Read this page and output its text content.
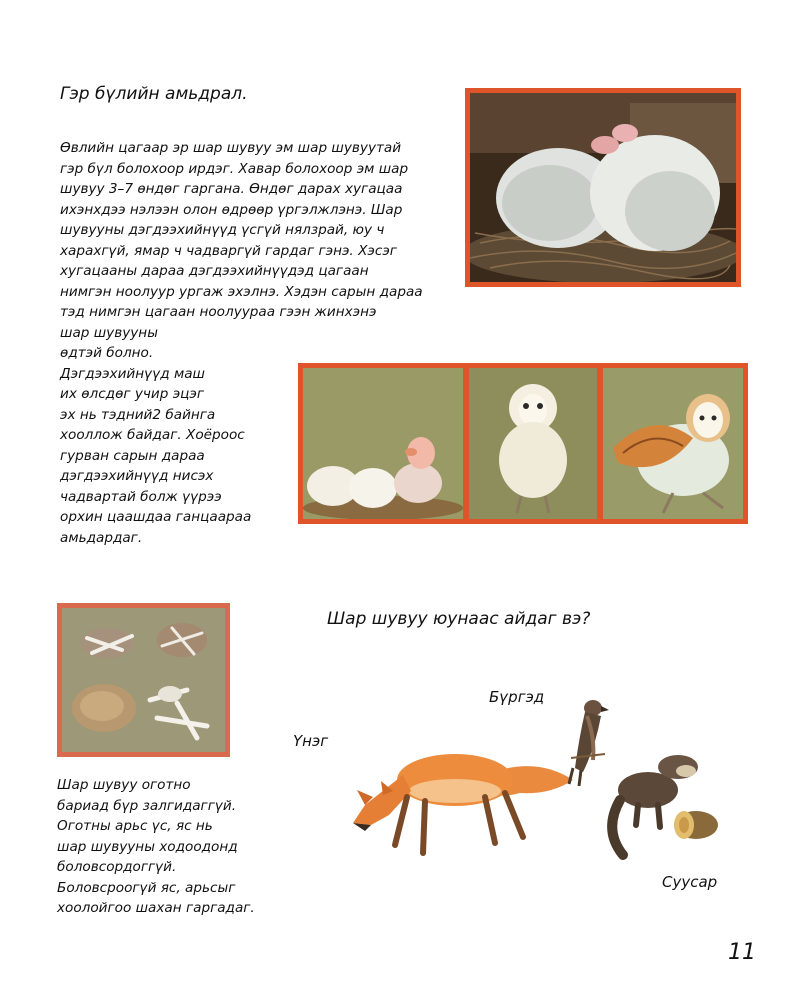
Гэр бүлийн амьдрал.
Өвлийн цагаар эр шар шувуу эм шар шувуутай
гэр бүл болохоор ирдэг. Хавар болохоор эм шар
шувуу 3–7 өндөг гаргана. Өндөг дарах хугацаа
ихэнхдээ нэлээн олон өдрөөр үргэлжлэнэ. Шар
шувууны дэгдээхийнүүд үсгүй нялзрай, юу ч
харахгүй, ямар ч чадваргүй гардаг гэнэ. Хэсэг
хугацааны дараа дэгдээхийнүүдэд цагаан
нимгэн ноолуур ургаж эхэлнэ. Хэдэн сарын дараа
тэд нимгэн цагаан ноолуураа гээн жинхэнэ
шар шувууны
өдтэй болно.
Дэгдээхийнүүд маш
их өлсдөг учир эцэг
эх нь тэдний2 байнга
хооллож байдаг. Хоёроос
гурван сарын дараа
дэгдээхийнүүд нисэх
чадвартай болж үүрээ
орхин цаашдаа ганцаараа
амьдардаг.
Шар шувуу оготно
бариад бүр залгидаггүй.
Оготны арьс үс, яс нь
шар шувууны ходоодонд
боловсордоггүй.
Боловсроогүй яс, арьсыг
хоолойгоо шахан гаргадаг.
Шар шувуу юунаас айдаг вэ?
Үнэг
Бүргэд
Суусар
11
